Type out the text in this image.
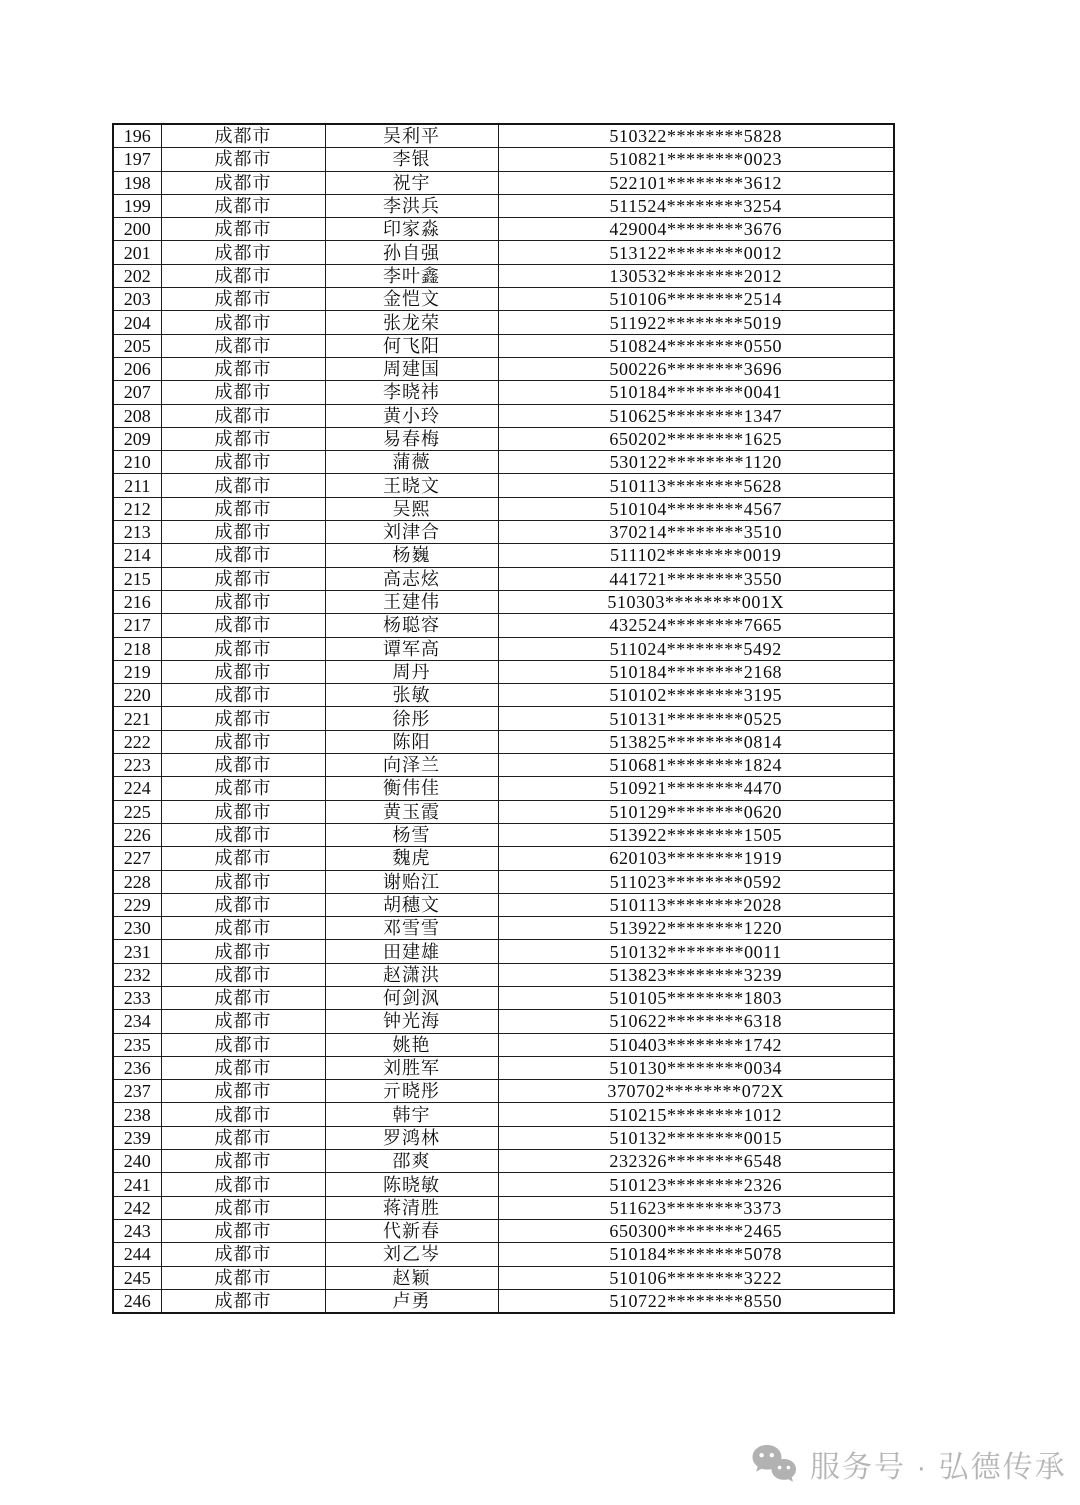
196	成都市	吴利平	510322********5828
197	成都市	李银	510821********0023
198	成都市	祝宇	522101********3612
199	成都市	李洪兵	511524********3254
200	成都市	印家淼	429004********3676
201	成都市	孙自强	513122********0012
202	成都市	李叶鑫	130532********2012
203	成都市	金恺文	510106********2514
204	成都市	张龙荣	511922********5019
205	成都市	何飞阳	510824********0550
206	成都市	周建国	500226********3696
207	成都市	李晓祎	510184********0041
208	成都市	黄小玲	510625********1347
209	成都市	易春梅	650202********1625
210	成都市	蒲薇	530122********1120
211	成都市	王晓文	510113********5628
212	成都市	吴熙	510104********4567
213	成都市	刘津合	370214********3510
214	成都市	杨巍	511102********0019
215	成都市	高志炫	441721********3550
216	成都市	王建伟	510303********001X
217	成都市	杨聪容	432524********7665
218	成都市	谭军高	511024********5492
219	成都市	周丹	510184********2168
220	成都市	张敏	510102********3195
221	成都市	徐彤	510131********0525
222	成都市	陈阳	513825********0814
223	成都市	向泽兰	510681********1824
224	成都市	衡伟佳	510921********4470
225	成都市	黄玉霞	510129********0620
226	成都市	杨雪	513922********1505
227	成都市	魏虎	620103********1919
228	成都市	谢贻江	511023********0592
229	成都市	胡穗文	510113********2028
230	成都市	邓雪雪	513922********1220
231	成都市	田建雄	510132********0011
232	成都市	赵潇洪	513823********3239
233	成都市	何剑沨	510105********1803
234	成都市	钟光海	510622********6318
235	成都市	姚艳	510403********1742
236	成都市	刘胜军	510130********0034
237	成都市	亓晓彤	370702********072X
238	成都市	韩宇	510215********1012
239	成都市	罗鸿林	510132********0015
240	成都市	邵爽	232326********6548
241	成都市	陈晓敏	510123********2326
242	成都市	蒋清胜	511623********3373
243	成都市	代新春	650300********2465
244	成都市	刘乙岑	510184********5078
245	成都市	赵颖	510106********3222
246	成都市	卢勇	510722********8550
服务号 · 弘德传承
